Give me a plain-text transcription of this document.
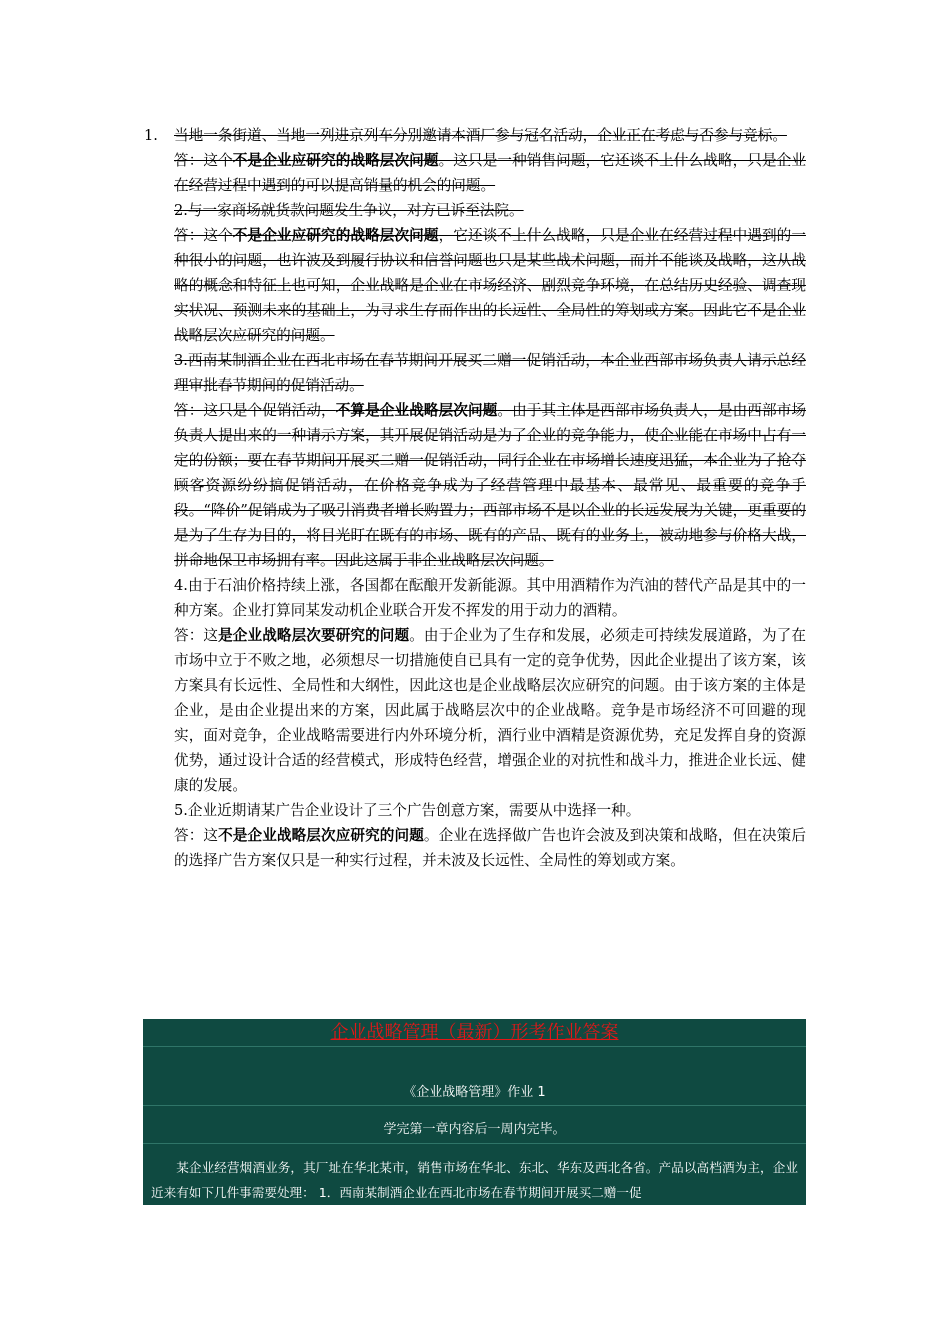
1. 当地一条街道、当地一列进京列车分别邀请本酒厂参与冠名活动，企业正在考虑与否参与竞标。

答：这个不是企业应研究的战略层次问题。这只是一种销售问题，它还谈不上什么战略，只是企业在经营过程中遇到的可以提高销量的机会的问题。

2.与一家商场就货款问题发生争议，对方已诉至法院。

答：这个不是企业应研究的战略层次问题，它还谈不上什么战略，只是企业在经营过程中遇到的一种很小的问题，也许波及到履行协议和信誉问题也只是某些战术问题，而并不能谈及战略，这从战略的概念和特征上也可知，企业战略是企业在市场经济、剧烈竞争环境，在总结历史经验、调查现实状况、预测未来的基础上，为寻求生存而作出的长远性、全局性的筹划或方案。因此它不是企业战略层次应研究的问题。

3.西南某制酒企业在西北市场在春节期间开展买二赠一促销活动，本企业西部市场负责人请示总经理审批春节期间的促销活动。

答：这只是个促销活动，不算是企业战略层次问题。由于其主体是西部市场负责人，是由西部市场负责人提出来的一种请示方案，其开展促销活动是为了企业的竞争能力，使企业能在市场中占有一定的份额；要在春节期间开展买二赠一促销活动，同行企业在市场增长速度迅猛，本企业为了抢夺顾客资源纷纷搞促销活动，在价格竞争成为了经营管理中最基本、最常见、最重要的竞争手段。“降价”促销成为了吸引消费者增长购置力；西部市场不是以企业的长远发展为关键，更重要的是为了生存为目的，将目光盯在既有的市场、既有的产品、既有的业务上，被动地参与价格大战，拼命地保卫市场拥有率。因此这属于非企业战略层次问题。

4.由于石油价格持续上涨，各国都在酝酿开发新能源。其中用酒精作为汽油的替代产品是其中的一种方案。企业打算同某发动机企业联合开发不挥发的用于动力的酒精。

答：这是企业战略层次要研究的问题。由于企业为了生存和发展，必须走可持续发展道路，为了在市场中立于不败之地，必须想尽一切措施使自已具有一定的竞争优势，因此企业提出了该方案，该方案具有长远性、全局性和大纲性，因此这也是企业战略层次应研究的问题。由于该方案的主体是企业，是由企业提出来的方案，因此属于战略层次中的企业战略。竞争是市场经济不可回避的现实，面对竞争，企业战略需要进行内外环境分析，酒行业中酒精是资源优势，充足发挥自身的资源优势，通过设计合适的经营模式，形成特色经营，增强企业的对抗性和战斗力，推进企业长远、健康的发展。

5.企业近期请某广告企业设计了三个广告创意方案，需要从中选择一种。

答：这不是企业战略层次应研究的问题。企业在选择做广告也许会波及到决策和战略，但在决策后的选择广告方案仅只是一种实行过程，并未波及长远性、全局性的筹划或方案。

企业战略管理（最新）形考作业答案
《企业战略管理》作业 1
学完第一章内容后一周内完毕。
某企业经营烟酒业务，其厂址在华北某市，销售市场在华北、东北、华东及西北各省。产品以高档酒为主，企业近来有如下几件事需要处理： 1．西南某制酒企业在西北市场在春节期间开展买二赠一促
